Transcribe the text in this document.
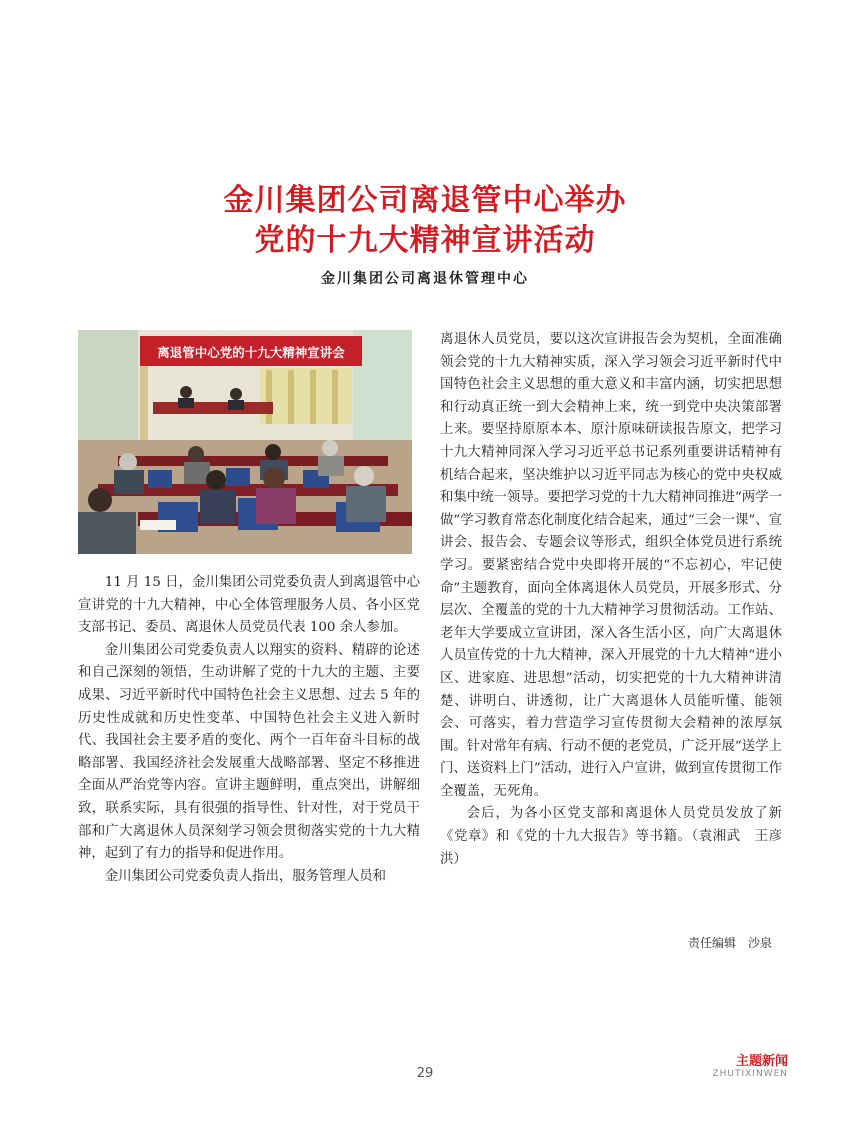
金川集团公司离退管中心举办
党的十九大精神宣讲活动
金川集团公司离退休管理中心
离退管中心党的十九大精神宣讲会

11 月 15 日，金川集团公司党委负责人到离退管中心宣讲党的十九大精神，中心全体管理服务人员、各小区党支部书记、委员、离退休人员党员代表 100 余人参加。

金川集团公司党委负责人以翔实的资料、精辟的论述和自己深刻的领悟，生动讲解了党的十九大的主题、主要成果、习近平新时代中国特色社会主义思想、过去 5 年的历史性成就和历史性变革、中国特色社会主义进入新时代、我国社会主要矛盾的变化、两个一百年奋斗目标的战略部署、我国经济社会发展重大战略部署、坚定不移推进全面从严治党等内容。宣讲主题鲜明，重点突出，讲解细致，联系实际，具有很强的指导性、针对性，对于党员干部和广大离退休人员深刻学习领会贯彻落实党的十九大精神，起到了有力的指导和促进作用。

金川集团公司党委负责人指出，服务管理人员和

离退休人员党员，要以这次宣讲报告会为契机，全面准确领会党的十九大精神实质，深入学习领会习近平新时代中国特色社会主义思想的重大意义和丰富内涵，切实把思想和行动真正统一到大会精神上来，统一到党中央决策部署上来。要坚持原原本本、原汁原味研读报告原文，把学习十九大精神同深入学习习近平总书记系列重要讲话精神有机结合起来，坚决维护以习近平同志为核心的党中央权威和集中统一领导。要把学习党的十九大精神同推进“两学一做”学习教育常态化制度化结合起来，通过“三会一课”、宣讲会、报告会、专题会议等形式，组织全体党员进行系统学习。要紧密结合党中央即将开展的“不忘初心，牢记使命”主题教育，面向全体离退休人员党员，开展多形式、分层次、全覆盖的党的十九大精神学习贯彻活动。工作站、老年大学要成立宣讲团，深入各生活小区，向广大离退休人员宣传党的十九大精神，深入开展党的十九大精神“进小区、进家庭、进思想”活动，切实把党的十九大精神讲清楚、讲明白、讲透彻，让广大离退休人员能听懂、能领会、可落实，着力营造学习宣传贯彻大会精神的浓厚氛围。针对常年有病、行动不便的老党员，广泛开展“送学上门、送资料上门”活动，进行入户宣讲，做到宣传贯彻工作全覆盖，无死角。

会后，为各小区党支部和离退休人员党员发放了新《党章》和《党的十九大报告》等书籍。（袁湘武　王彦洪）

责任编辑　沙泉
29
主题新闻
ZHUTIXINWEN
